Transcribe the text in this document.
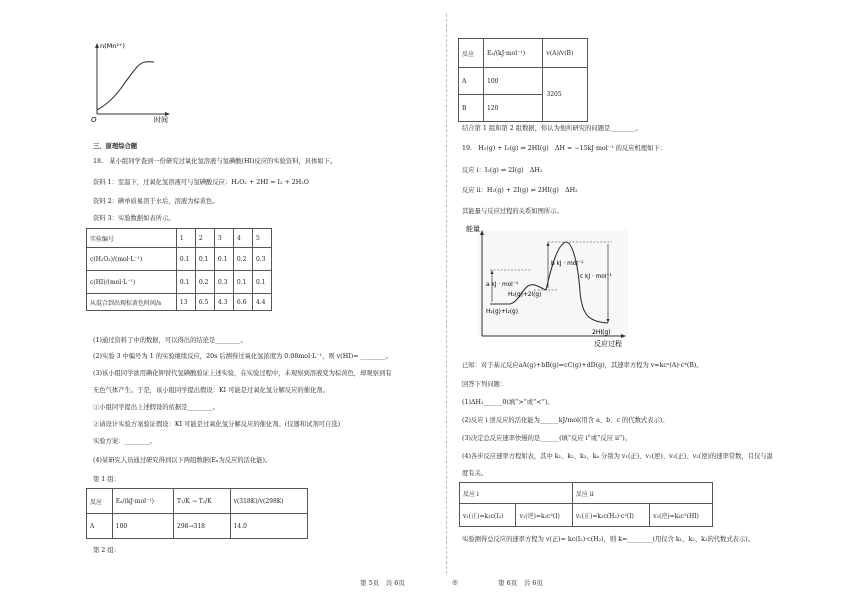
n(Mn²⁺)
时间
O
三、原理综合题
18.　某小组同学查到一份研究过氧化氢溶液与氢碘酸(HI)反应的实验资料，具体如下。
资料 1：室温下，过氧化氢溶液可与氢碘酸反应：H₂O₂ + 2HI = I₂ + 2H₂O
资料 2：碘单质易溶于水后，溶液为棕黄色。
资料 3：实验数据如表所示。
实验编号	1	2	3	4	5
c(H₂O₂)/(mol·L⁻¹)	0.1	0.1	0.1	0.2	0.3
c(HI)/(mol·L⁻¹)	0.1	0.2	0.3	0.1	0.1
从混合到出现棕黄色时间/s	13	6.5	4.3	6.6	4.4
(1)通过资料了中的数据，可以得出的结论是________。
(2)实验 3 中编号为 1 的实验继续反应，20s 后测得过氧化氢浓度为 0.08mol·L⁻¹，则 v(HI)= ________。
(3)该小组同学欲用碘化钾替代氢碘酸验证上述实验，在实验过程中，未观察到溶液变为棕黄色，却观察到有
无色气体产生。于是，该小组同学提出假设：KI 可能是过氧化氢分解反应的催化剂。
①小组同学提出上述假设的依据是________。
②请设计实验方案验证假设：KI 可能是过氧化氢分解反应的催化剂。(仪器和试剂可自选)
实验方案：________。
(4)某研究人员通过研究得到以下两组数据(Eₐ为反应的活化能)。
第 1 组：
反应	Eₐ/(kJ·mol⁻¹)	T₁/K → T₂/K	v(318K)/v(298K)
A	100	298→318	14.0
第 2 组：
反应	Eₐ/(kJ·mol⁻¹)	v(A)/v(B)
A	100	3205
B	120	
结合第 1 组和第 2 组数据，你认为他所研究的问题是________。
19.　H₂(g) + I₂(g) ⇌ 2HI(g)　ΔH = −15kJ·mol⁻¹ 的反应机理如下：
反应 i：I₂(g) ⇌ 2I(g)　ΔH₁
反应 ii：H₂(g) + 2I(g) ⇌ 2HI(g)　ΔH₂
其能量与反应过程的关系如图所示。
能量
反应过程
b kJ · mol⁻¹
c kJ · mol⁻¹
a kJ · mol⁻¹
H₂(g)+2I(g)
H₂(g)+I₂(g)
2HI(g)
已知：对于基元反应aA(g)+bB(g)=cC(g)+dD(g)，其速率方程为 v=kcᵃ(A)·cᵇ(B)。
回答下列问题：
(1)ΔH₁______0(填“>”或“<”)。
(2)反应 i 逆反应的活化能为______kJ/mol(用含 a、b、c 的代数式表示)。
(3)决定总反应速率快慢的是______(填“反应 i”或“反应 ii”)。
(4)各步反应速率方程如表，其中 k₁、k₂、k₃、k₄ 分别为 v₁(正)、v₁(逆)、v₂(正)、v₂(逆)的速率常数，且仅与温
度有关。
反应 i		反应 ii	
v₁(正)=k₁c(I₂)	v₁(逆)=k₂c²(I)	v₂(正)=k₃c(H₂)·c²(I)	v₂(逆)=k₄c²(HI)
实验测得总反应的速率方程为 v(正)= kc(I₂)·c(H₂)，则 k=________(用仅含 k₁、k₂、k₃的代数式表示)。
第 5页　共 6页	◎	第 6页　共 6页
